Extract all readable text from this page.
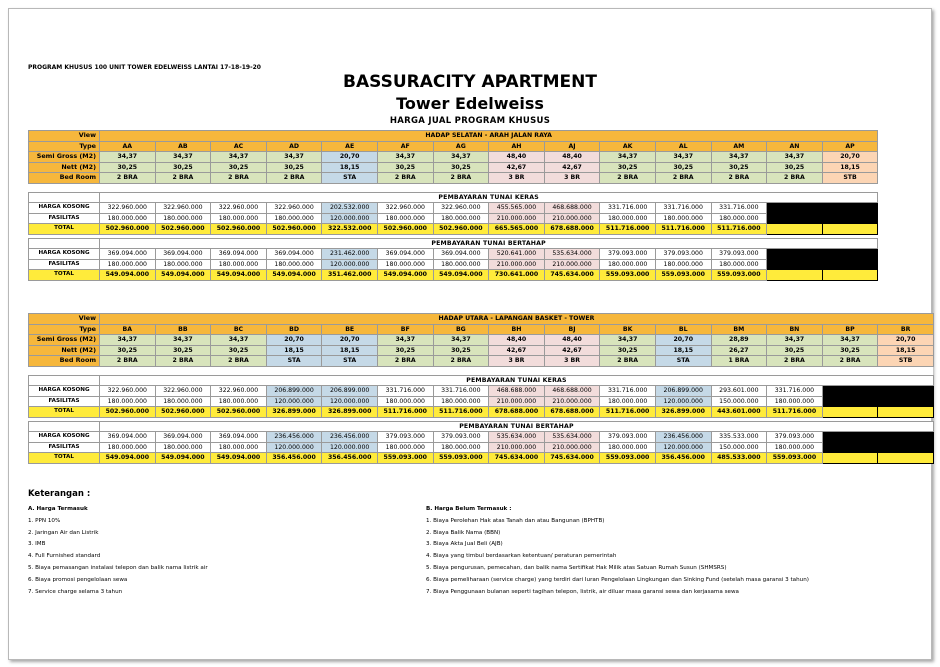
PROGRAM KHUSUS 100 UNIT TOWER EDELWEISS LANTAI 17-18-19-20
BASSURACITY APARTMENT
Tower Edelweiss
HARGA JUAL PROGRAM KHUSUS
View	HADAP SELATAN - ARAH JALAN RAYA													
Type	AA	AB	AC	AD	AE	AF	AG	AH	AJ	AK	AL	AM	AN	AP
Semi Gross (M2)	34,37	34,37	34,37	34,37	20,70	34,37	34,37	48,40	48,40	34,37	34,37	34,37	34,37	20,70
Nett (M2)	30,25	30,25	30,25	30,25	18,15	30,25	30,25	42,67	42,67	30,25	30,25	30,25	30,25	18,15
Bed Room	2 BRA	2 BRA	2 BRA	2 BRA	STA	2 BRA	2 BRA	3 BR	3 BR	2 BRA	2 BRA	2 BRA	2 BRA	STB

	PEMBAYARAN TUNAI KERAS													
HARGA KOSONG	322.960.000	322.960.000	322.960.000	322.960.000	202.532.000	322.960.000	322.960.000	455.565.000	468.688.000	331.716.000	331.716.000	331.716.000		
FASILITAS	180.000.000	180.000.000	180.000.000	180.000.000	120.000.000	180.000.000	180.000.000	210.000.000	210.000.000	180.000.000	180.000.000	180.000.000		
TOTAL	502.960.000	502.960.000	502.960.000	502.960.000	322.532.000	502.960.000	502.960.000	665.565.000	678.688.000	511.716.000	511.716.000	511.716.000		

	PEMBAYARAN TUNAI BERTAHAP													
HARGA KOSONG	369.094.000	369.094.000	369.094.000	369.094.000	231.462.000	369.094.000	369.094.000	520.641.000	535.634.000	379.093.000	379.093.000	379.093.000		
FASILITAS	180.000.000	180.000.000	180.000.000	180.000.000	120.000.000	180.000.000	180.000.000	210.000.000	210.000.000	180.000.000	180.000.000	180.000.000		
TOTAL	549.094.000	549.094.000	549.094.000	549.094.000	351.462.000	549.094.000	549.094.000	730.641.000	745.634.000	559.093.000	559.093.000	559.093.000		
View	HADAP UTARA - LAPANGAN BASKET - TOWER														
Type	BA	BB	BC	BD	BE	BF	BG	BH	BJ	BK	BL	BM	BN	BP	BR
Semi Gross (M2)	34,37	34,37	34,37	20,70	20,70	34,37	34,37	48,40	48,40	34,37	20,70	28,89	34,37	34,37	20,70
Nett (M2)	30,25	30,25	30,25	18,15	18,15	30,25	30,25	42,67	42,67	30,25	18,15	26,27	30,25	30,25	18,15
Bed Room	2 BRA	2 BRA	2 BRA	STA	STA	2 BRA	2 BRA	3 BR	3 BR	2 BRA	STA	1 BRA	2 BRA	2 BRA	STB

	PEMBAYARAN TUNAI KERAS														
HARGA KOSONG	322.960.000	322.960.000	322.960.000	206.899.000	206.899.000	331.716.000	331.716.000	468.688.000	468.688.000	331.716.000	206.899.000	293.601.000	331.716.000		
FASILITAS	180.000.000	180.000.000	180.000.000	120.000.000	120.000.000	180.000.000	180.000.000	210.000.000	210.000.000	180.000.000	120.000.000	150.000.000	180.000.000		
TOTAL	502.960.000	502.960.000	502.960.000	326.899.000	326.899.000	511.716.000	511.716.000	678.688.000	678.688.000	511.716.000	326.899.000	443.601.000	511.716.000		

	PEMBAYARAN TUNAI BERTAHAP														
HARGA KOSONG	369.094.000	369.094.000	369.094.000	236.456.000	236.456.000	379.093.000	379.093.000	535.634.000	535.634.000	379.093.000	236.456.000	335.533.000	379.093.000		
FASILITAS	180.000.000	180.000.000	180.000.000	120.000.000	120.000.000	180.000.000	180.000.000	210.000.000	210.000.000	180.000.000	120.000.000	150.000.000	180.000.000		
TOTAL	549.094.000	549.094.000	549.094.000	356.456.000	356.456.000	559.093.000	559.093.000	745.634.000	745.634.000	559.093.000	356.456.000	485.533.000	559.093.000		
Keterangan :
A. Harga Termasuk
1. PPN 10%
2. Jaringan Air dan Listrik
3. IMB
4. Full Furnished standard
5. Biaya pemasangan instalasi telepon dan balik nama listrik air
6. Biaya promosi pengelolaan sewa
7. Service charge selama 3 tahun
B. Harga Belum Termasuk :
1. Biaya Perolehan Hak atas Tanah dan atau Bangunan (BPHTB)
2. Biaya Balik Nama (BBN)
3. Biaya Akta Jual Beli (AJB)
4. Biaya yang timbul berdasarkan ketentuan/ peraturan pemerintah
5. Biaya pengurusan, pemecahan, dan balik nama Sertifikat Hak Milik atas Satuan Rumah Susun (SHMSRS)
6. Biaya pemeliharaan (service charge) yang terdiri dari Iuran Pengelolaan Lingkungan dan Sinking Fund (setelah masa garansi 3 tahun)
7. Biaya Penggunaan bulanan seperti tagihan telepon, listrik, air diluar masa garansi sewa dan kerjasama sewa
